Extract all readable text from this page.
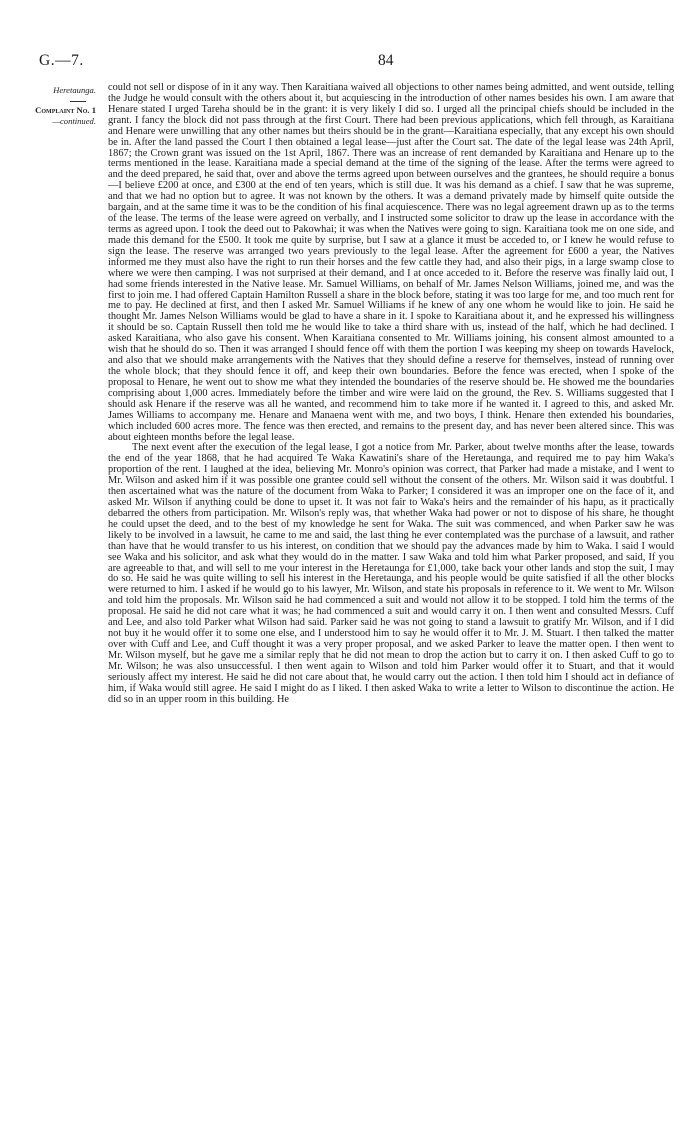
G.—7.	84
Heretaunga.
Complaint No. 1
—continued.

could not sell or dispose of in it any way. Then Karaitiana waived all objections to other names being admitted, and went outside, telling the Judge he would consult with the others about it, but acquiescing in the introduction of other names besides his own. I am aware that Henare stated I urged Tareha should be in the grant: it is very likely I did so. I urged all the principal chiefs should be included in the grant. I fancy the block did not pass through at the first Court. There had been previous applications, which fell through, as Karaitiana and Henare were unwilling that any other names but theirs should be in the grant—Karaitiana especially, that any except his own should be in. After the land passed the Court I then obtained a legal lease—just after the Court sat. The date of the legal lease was 24th April, 1867; the Crown grant was issued on the 1st April, 1867. There was an increase of rent demanded by Karaitiana and Henare up to the terms mentioned in the lease. Karaitiana made a special demand at the time of the signing of the lease. After the terms were agreed to and the deed prepared, he said that, over and above the terms agreed upon between ourselves and the grantees, he should require a bonus—I believe £200 at once, and £300 at the end of ten years, which is still due. It was his demand as a chief. I saw that he was supreme, and that we had no option but to agree. It was not known by the others. It was a demand privately made by himself quite outside the bargain, and at the same time it was to be the condition of his final acquiescence. There was no legal agreement drawn up as to the terms of the lease. The terms of the lease were agreed on verbally, and I instructed some solicitor to draw up the lease in accordance with the terms as agreed upon. I took the deed out to Pakowhai; it was when the Natives were going to sign. Karaitiana took me on one side, and made this demand for the £500. It took me quite by surprise, but I saw at a glance it must be acceded to, or I knew he would refuse to sign the lease. The reserve was arranged two years previously to the legal lease. After the agreement for £600 a year, the Natives informed me they must also have the right to run their horses and the few cattle they had, and also their pigs, in a large swamp close to where we were then camping. I was not surprised at their demand, and I at once acceded to it. Before the reserve was finally laid out, I had some friends interested in the Native lease. Mr. Samuel Williams, on behalf of Mr. James Nelson Williams, joined me, and was the first to join me. I had offered Captain Hamilton Russell a share in the block before, stating it was too large for me, and too much rent for me to pay. He declined at first, and then I asked Mr. Samuel Williams if he knew of any one whom he would like to join. He said he thought Mr. James Nelson Williams would be glad to have a share in it. I spoke to Karaitiana about it, and he expressed his willingness it should be so. Captain Russell then told me he would like to take a third share with us, instead of the half, which he had declined. I asked Karaitiana, who also gave his consent. When Karaitiana consented to Mr. Williams joining, his consent almost amounted to a wish that he should do so. Then it was arranged I should fence off with them the portion I was keeping my sheep on towards Havelock, and also that we should make arrangements with the Natives that they should define a reserve for themselves, instead of running over the whole block; that they should fence it off, and keep their own boundaries. Before the fence was erected, when I spoke of the proposal to Henare, he went out to show me what they intended the boundaries of the reserve should be. He showed me the boundaries comprising about 1,000 acres. Immediately before the timber and wire were laid on the ground, the Rev. S. Williams suggested that I should ask Henare if the reserve was all he wanted, and recommend him to take more if he wanted it. I agreed to this, and asked Mr. James Williams to accompany me. Henare and Manaena went with me, and two boys, I think. Henare then extended his boundaries, which included 600 acres more. The fence was then erected, and remains to the present day, and has never been altered since. This was about eighteen months before the legal lease.

The next event after the execution of the legal lease, I got a notice from Mr. Parker, about twelve months after the lease, towards the end of the year 1868, that he had acquired Te Waka Kawatini's share of the Heretaunga, and required me to pay him Waka's proportion of the rent. I laughed at the idea, believing Mr. Monro's opinion was correct, that Parker had made a mistake, and I went to Mr. Wilson and asked him if it was possible one grantee could sell without the consent of the others. Mr. Wilson said it was doubtful. I then ascertained what was the nature of the document from Waka to Parker; I considered it was an improper one on the face of it, and asked Mr. Wilson if anything could be done to upset it. It was not fair to Waka's heirs and the remainder of his hapu, as it practically debarred the others from participation. Mr. Wilson's reply was, that whether Waka had power or not to dispose of his share, he thought he could upset the deed, and to the best of my knowledge he sent for Waka. The suit was commenced, and when Parker saw he was likely to be involved in a lawsuit, he came to me and said, the last thing he ever contemplated was the purchase of a lawsuit, and rather than have that he would transfer to us his interest, on condition that we should pay the advances made by him to Waka. I said I would see Waka and his solicitor, and ask what they would do in the matter. I saw Waka and told him what Parker proposed, and said, If you are agreeable to that, and will sell to me your interest in the Heretaunga for £1,000, take back your other lands and stop the suit, I may do so. He said he was quite willing to sell his interest in the Heretaunga, and his people would be quite satisfied if all the other blocks were returned to him. I asked if he would go to his lawyer, Mr. Wilson, and state his proposals in reference to it. We went to Mr. Wilson and told him the proposals. Mr. Wilson said he had commenced a suit and would not allow it to be stopped. I told him the terms of the proposal. He said he did not care what it was; he had commenced a suit and would carry it on. I then went and consulted Messrs. Cuff and Lee, and also told Parker what Wilson had said. Parker said he was not going to stand a lawsuit to gratify Mr. Wilson, and if I did not buy it he would offer it to some one else, and I understood him to say he would offer it to Mr. J. M. Stuart. I then talked the matter over with Cuff and Lee, and Cuff thought it was a very proper proposal, and we asked Parker to leave the matter open. I then went to Mr. Wilson myself, but he gave me a similar reply that he did not mean to drop the action but to carry it on. I then asked Cuff to go to Mr. Wilson; he was also unsuccessful. I then went again to Wilson and told him Parker would offer it to Stuart, and that it would seriously affect my interest. He said he did not care about that, he would carry out the action. I then told him I should act in defiance of him, if Waka would still agree. He said I might do as I liked. I then asked Waka to write a letter to Wilson to discontinue the action. He did so in an upper room in this building. He
